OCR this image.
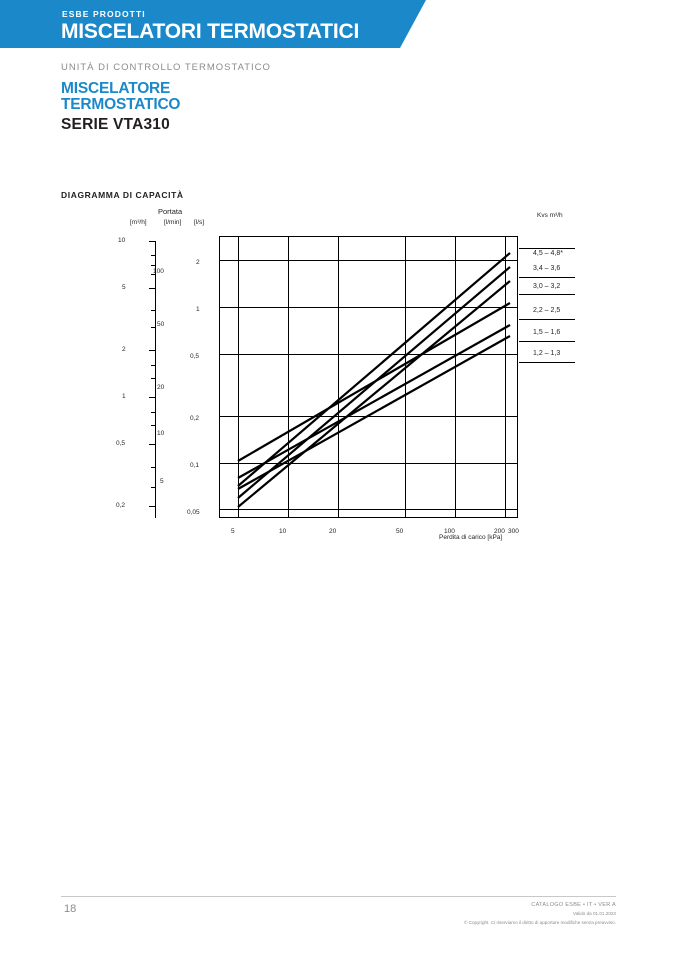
ESBE PRODOTTI
MISCELATORI TERMOSTATICI
UNITÀ DI CONTROLLO TERMOSTATICO
MISCELATORE
TERMOSTATICO
SERIE VTA310
DIAGRAMMA DI CAPACITÀ
Portata
[m³/h]	[l/min] [l/s]
Kvs m³/h
10
5
2
1
0,5
0,2
100
50
20
10
5
2
1
0,5
0,2
0,1
0,05
5	10	20	50	100	200 300
Perdita di carico [kPa]
4,5 – 4,8*
3,4 – 3,6
3,0 – 3,2
2,2 – 2,5
1,5 – 1,6
1,2 – 1,3
18	CATALOGO ESBE • IT • VER A
Valido da 01.01.2023
© Copyright. Ci riserviamo il diritto di apportare modifiche senza preavviso.
